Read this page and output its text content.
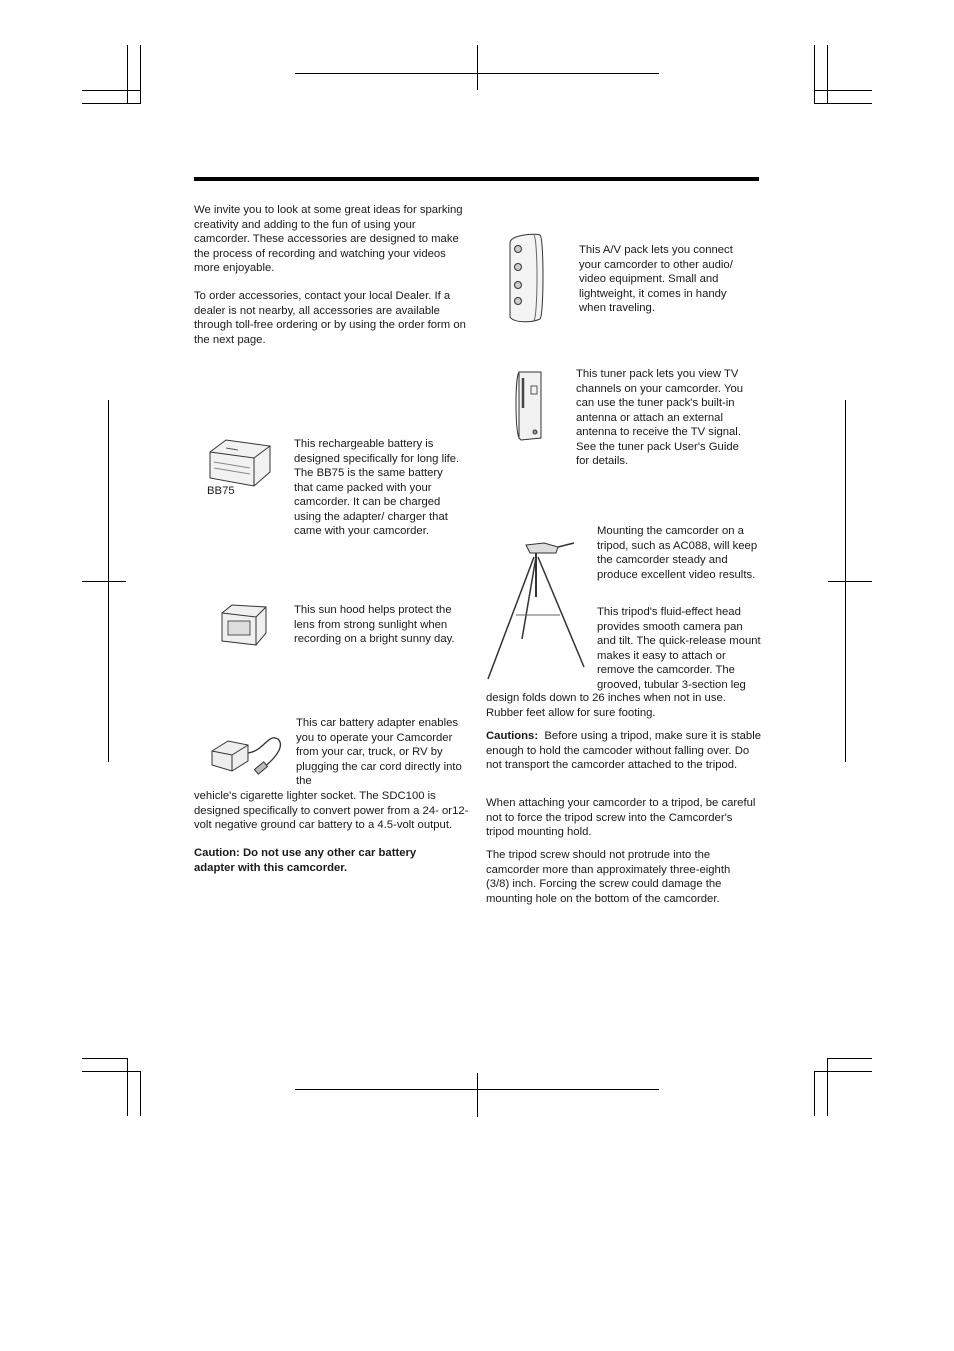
We invite you to look at some great ideas for sparking creativity and adding to the fun of using your camcorder. These accessories are designed to make the process of recording and watching your videos more enjoyable.

To order accessories, contact your local Dealer. If a dealer is not nearby, all accessories are available through toll-free ordering or by using the order form on the next page.

BB75

This rechargeable battery is designed specifically for long life. The BB75 is the same battery that came packed with your camcorder. It can be charged using the adapter/ charger that came with your camcorder.

This sun hood helps protect the lens from strong sunlight when recording on a bright sunny day.

This car battery adapter enables you to operate your Camcorder from your car, truck, or RV by plugging the car cord directly into the

vehicle's cigarette lighter socket. The SDC100 is designed specifically to convert power from a 24- or12-volt negative ground car battery to a 4.5-volt output.

Caution: Do not use any other car battery adapter with this camcorder.

This A/V pack lets you connect your camcorder to other audio/ video equipment. Small and lightweight, it comes in handy when traveling.

This tuner pack lets you view TV channels on your camcorder. You can use the tuner pack's built-in antenna or attach an external antenna to receive the TV signal. See the tuner pack User's Guide for details.

Mounting the camcorder on a tripod, such as AC088, will keep the camcorder steady and produce excellent video results.

This tripod's fluid-effect head provides smooth camera pan and tilt. The quick-release mount makes it easy to attach or remove the camcorder. The grooved, tubular 3-section leg

design folds down to 26 inches when not in use. Rubber feet allow for sure footing.

Cautions: Before using a tripod, make sure it is stable enough to hold the camcoder without falling over. Do not transport the camcorder attached to the tripod.

When attaching your camcorder to a tripod, be careful not to force the tripod screw into the Camcorder's tripod mounting hold.

The tripod screw should not protrude into the camcorder more than approximately three-eighth (3/8) inch. Forcing the screw could damage the mounting hole on the bottom of the camcorder.
